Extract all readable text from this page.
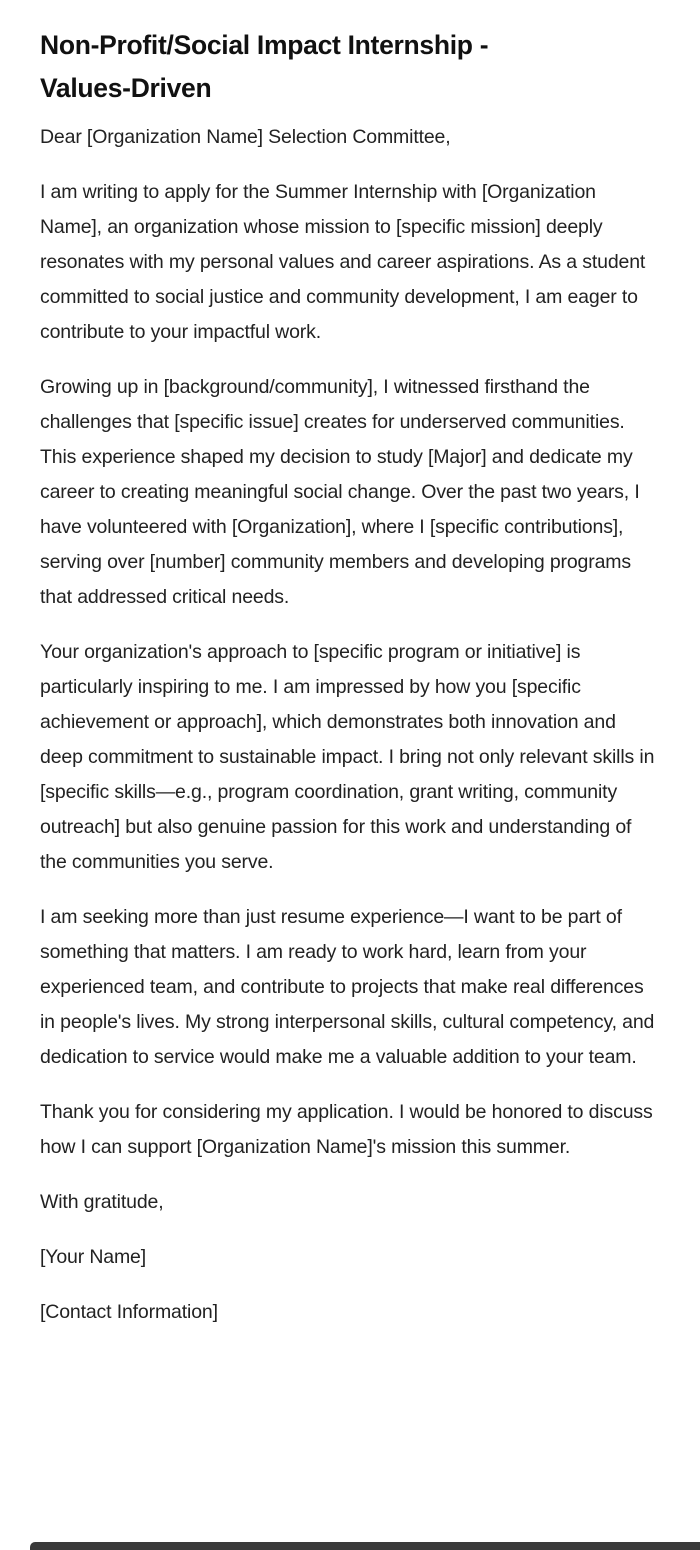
Non-Profit/Social Impact Internship -
Values-Driven

Dear [Organization Name] Selection Committee,

I am writing to apply for the Summer Internship with [Organization Name], an organization whose mission to [specific mission] deeply resonates with my personal values and career aspirations. As a student committed to social justice and community development, I am eager to contribute to your impactful work.

Growing up in [background/community], I witnessed firsthand the challenges that [specific issue] creates for underserved communities. This experience shaped my decision to study [Major] and dedicate my career to creating meaningful social change. Over the past two years, I have volunteered with [Organization], where I [specific contributions], serving over [number] community members and developing programs that addressed critical needs.

Your organization's approach to [specific program or initiative] is particularly inspiring to me. I am impressed by how you [specific achievement or approach], which demonstrates both innovation and deep commitment to sustainable impact. I bring not only relevant skills in [specific skills—e.g., program coordination, grant writing, community outreach] but also genuine passion for this work and understanding of the communities you serve.

I am seeking more than just resume experience—I want to be part of something that matters. I am ready to work hard, learn from your experienced team, and contribute to projects that make real differences in people's lives. My strong interpersonal skills, cultural competency, and dedication to service would make me a valuable addition to your team.

Thank you for considering my application. I would be honored to discuss how I can support [Organization Name]'s mission this summer.

With gratitude,

[Your Name]

[Contact Information]
